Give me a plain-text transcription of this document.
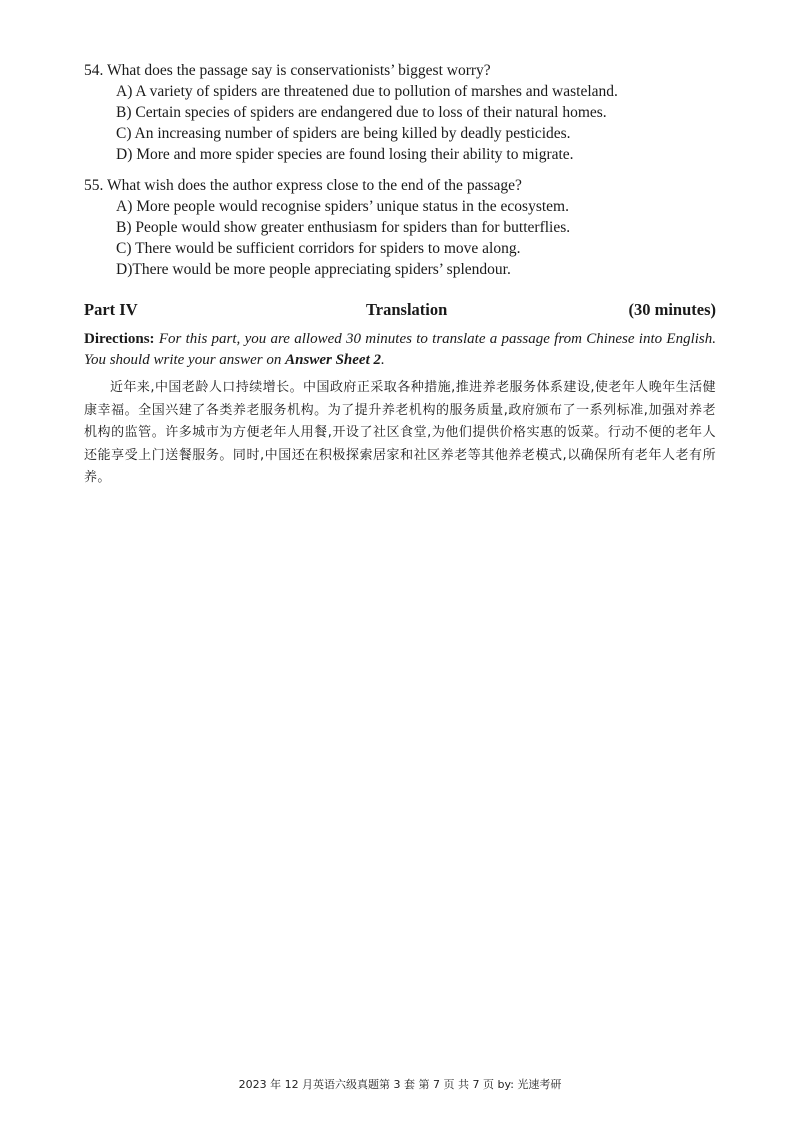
54. What does the passage say is conservationists’ biggest worry?
A) A variety of spiders are threatened due to pollution of marshes and wasteland.
B) Certain species of spiders are endangered due to loss of their natural homes.
C) An increasing number of spiders are being killed by deadly pesticides.
D) More and more spider species are found losing their ability to migrate.
55. What wish does the author express close to the end of the passage?
A) More people would recognise spiders’ unique status in the ecosystem.
B) People would show greater enthusiasm for spiders than for butterflies.
C) There would be sufficient corridors for spiders to move along.
D)There would be more people appreciating spiders’ splendour.
Part IV	Translation	(30 minutes)
Directions: For this part, you are allowed 30 minutes to translate a passage from Chinese into English. You should write your answer on Answer Sheet 2.
近年来,中国老龄人口持续增长。中国政府正采取各种措施,推进养老服务体系建设,使老年人晚年生活健康幸福。全国兴建了各类养老服务机构。为了提升养老机构的服务质量,政府颁布了一系列标准,加强对养老机构的监管。许多城市为方便老年人用餐,开设了社区食堂,为他们提供价格实惠的饭菜。行动不便的老年人还能享受上门送餐服务。同时,中国还在积极探索居家和社区养老等其他养老模式,以确保所有老年人老有所养。
2023 年 12 月英语六级真题第 3 套 第 7 页 共 7 页 by: 光速考研
